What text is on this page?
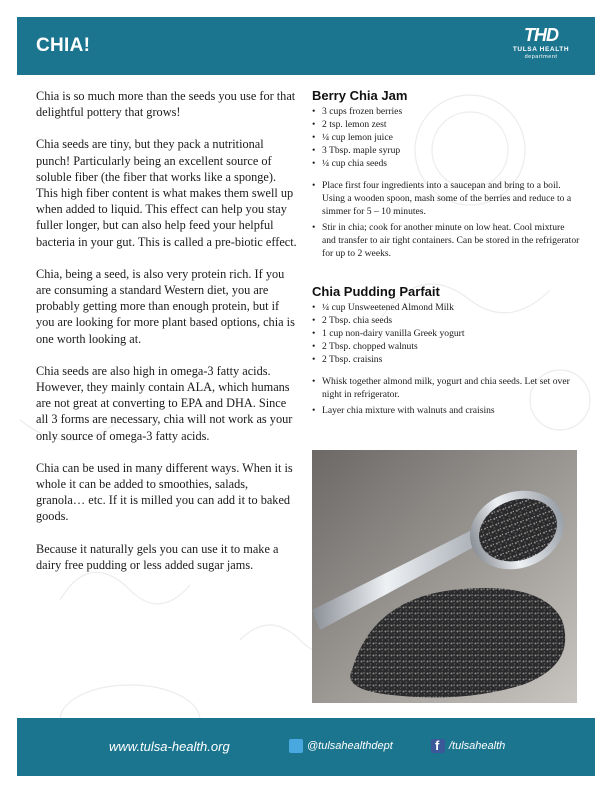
CHIA!	THD
TULSA HEALTH
department

Chia is so much more than the seeds you use for that delightful pottery that grows!

Chia seeds are tiny, but they pack a nutritional punch! Particularly being an excellent source of soluble fiber (the fiber that works like a sponge). This high fiber content is what makes them swell up when added to liquid. This effect can help you stay fuller longer, but can also help feed your helpful bacteria in your gut. This is called a pre-biotic effect.

Chia, being a seed, is also very protein rich. If you are consuming a standard Western diet, you are probably getting more than enough protein, but if you are looking for more plant based options, chia is one worth looking at.

Chia seeds are also high in omega-3 fatty acids. However, they mainly contain ALA, which humans are not great at converting to EPA and DHA. Since all 3 forms are necessary, chia will not work as your only source of omega-3 fatty acids.

Chia can be used in many different ways. When it is whole it can be added to smoothies, salads, granola… etc. If it is milled you can add it to baked goods.

Because it naturally gels you can use it to make a dairy free pudding or less added sugar jams.

Berry Chia Jam
• 3 cups frozen berries
• 2 tsp. lemon zest
• ¼ cup lemon juice
• 3 Tbsp. maple syrup
• ¼ cup chia seeds
• Place first four ingredients into a saucepan and bring to a boil. Using a wooden spoon, mash some of the berries and reduce to a simmer for 5 – 10 minutes.
• Stir in chia; cook for another minute on low heat. Cool mixture and transfer to air tight containers. Can be stored in the refrigerator for up to 2 weeks.
Chia Pudding Parfait
• ¼ cup Unsweetened Almond Milk
• 2 Tbsp. chia seeds
• 1 cup non-dairy vanilla Greek yogurt
• 2 Tbsp. chopped walnuts
• 2 Tbsp. craisins
• Whisk together almond milk, yogurt and chia seeds. Let set over night in refrigerator.
• Layer chia mixture with walnuts and craisins
www.tulsa-health.org	@tulsahealthdept
f	/tulsahealth
